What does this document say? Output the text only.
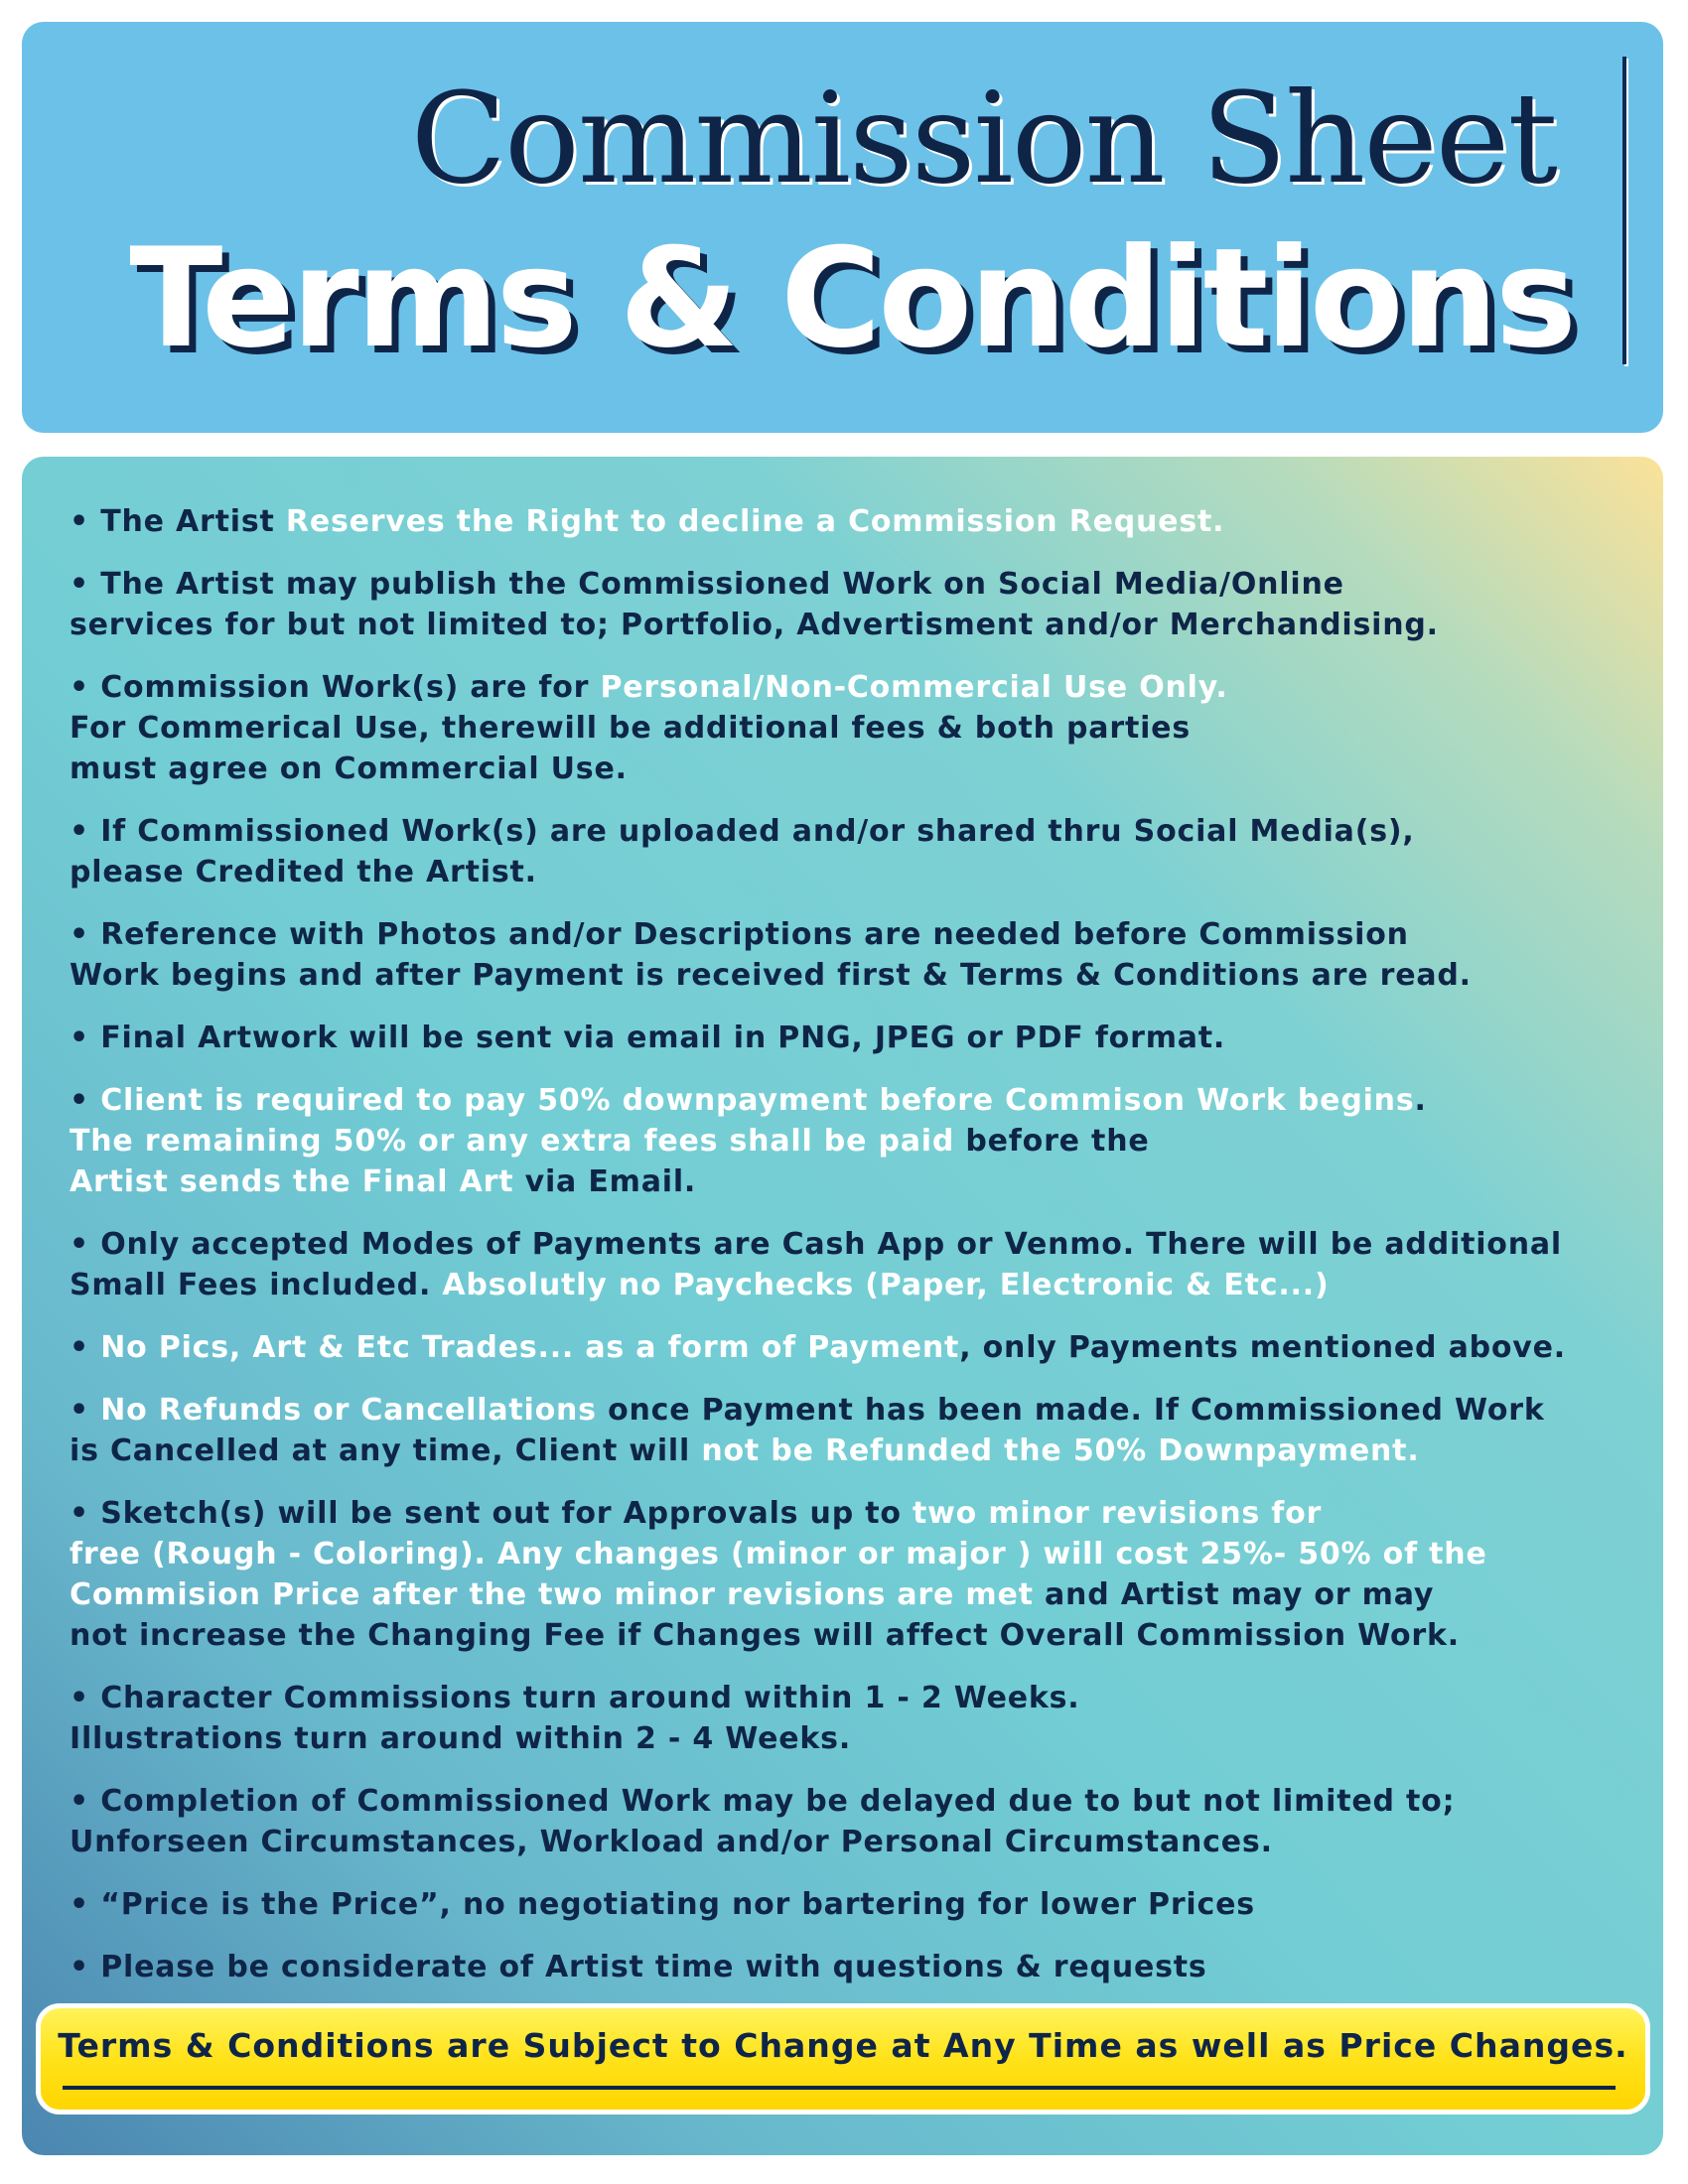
Commission Sheet
Terms & Conditions
• The Artist Reserves the Right to decline a Commission Request.
• The Artist may publish the Commissioned Work on Social Media/Online
services for but not limited to; Portfolio, Advertisment and/or Merchandising.
• Commission Work(s) are for Personal/Non-Commercial Use Only.
For Commerical Use, therewill be additional fees & both parties
must agree on Commercial Use.
• If Commissioned Work(s) are uploaded and/or shared thru Social Media(s),
please Credited the Artist.
• Reference with Photos and/or Descriptions are needed before Commission
Work begins and after Payment is received first & Terms & Conditions are read.
• Final Artwork will be sent via email in PNG, JPEG or PDF format.
• Client is required to pay 50% downpayment before Commison Work begins.
The remaining 50% or any extra fees shall be paid before the
Artist sends the Final Art via Email.
• Only accepted Modes of Payments are Cash App or Venmo. There will be additional
Small Fees included. Absolutly no Paychecks (Paper, Electronic & Etc...)
• No Pics, Art & Etc Trades... as a form of Payment, only Payments mentioned above.
• No Refunds or Cancellations once Payment has been made. If Commissioned Work
is Cancelled at any time, Client will not be Refunded the 50% Downpayment.
• Sketch(s) will be sent out for Approvals up to two minor revisions for
free (Rough - Coloring). Any changes (minor or major ) will cost 25%- 50% of the
Commision Price after the two minor revisions are met and Artist may or may
not increase the Changing Fee if Changes will affect Overall Commission Work.
• Character Commissions turn around within 1 - 2 Weeks.
Illustrations turn around within 2 - 4 Weeks.
• Completion of Commissioned Work may be delayed due to but not limited to;
Unforseen Circumstances, Workload and/or Personal Circumstances.
• “Price is the Price”, no negotiating nor bartering for lower Prices
• Please be considerate of Artist time with questions & requests
Terms & Conditions are Subject to Change at Any Time as well as Price Changes.
